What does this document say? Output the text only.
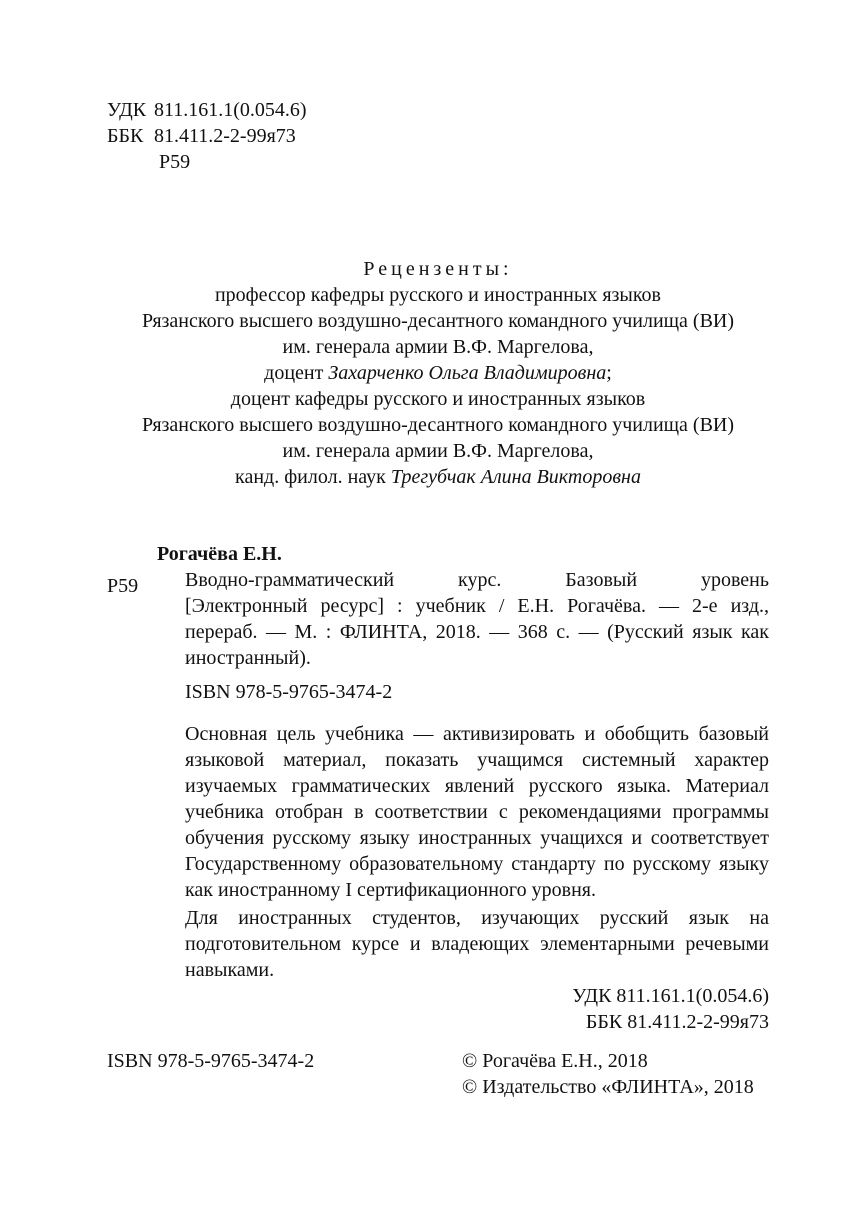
УДК 811.161.1(0.054.6)
ББК 81.411.2-2-99я73
Р59
Рецензенты:
профессор кафедры русского и иностранных языков
Рязанского высшего воздушно-десантного командного училища (ВИ)
им. генерала армии В.Ф. Маргелова,
доцент Захарченко Ольга Владимировна;
доцент кафедры русского и иностранных языков
Рязанского высшего воздушно-десантного командного училища (ВИ)
им. генерала армии В.Ф. Маргелова,
канд. филол. наук Трегубчак Алина Викторовна
Рогачёва Е.Н.
Р59 Вводно-грамматический курс. Базовый уровень
[Электронный ресурс] : учебник / Е.Н. Рогачёва. — 2-е изд., перераб. — М. : ФЛИНТА, 2018. — 368 с. — (Русский язык как иностранный).
ISBN 978-5-9765-3474-2

Основная цель учебника — активизировать и обобщить базовый языковой материал, показать учащимся системный характер изучаемых грамматических явлений русского языка. Материал учебника отобран в соответствии с рекомендациями программы обучения русскому языку иностранных учащихся и соответствует Государственному образовательному стандарту по русскому языку как иностранному I сертификационного уровня.

Для иностранных студентов, изучающих русский язык на подготовительном курсе и владеющих элементарными речевыми навыками.

УДК 811.161.1(0.054.6)
ББК 81.411.2-2-99я73
ISBN 978-5-9765-3474-2	© Рогачёва Е.Н., 2018
© Издательство «ФЛИНТА», 2018
